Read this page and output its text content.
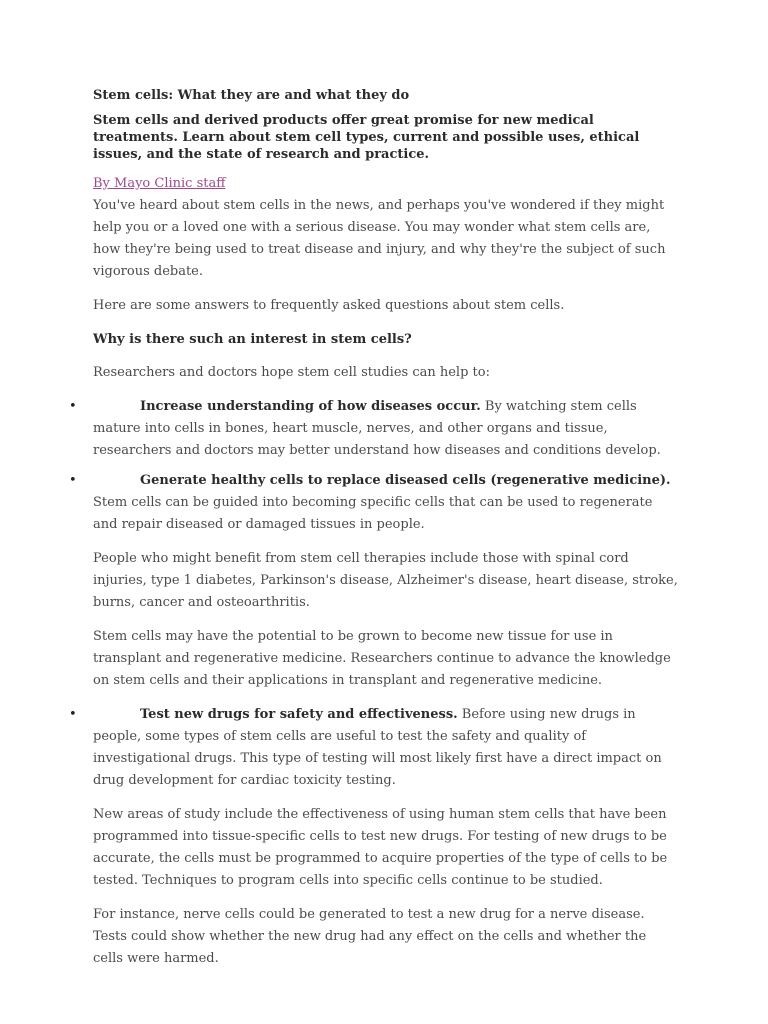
Stem cells: What they are and what they do
Stem cells and derived products offer great promise for new medical treatments. Learn about stem cell types, current and possible uses, ethical issues, and the state of research and practice.
By Mayo Clinic staff

You've heard about stem cells in the news, and perhaps you've wondered if they might help you or a loved one with a serious disease. You may wonder what stem cells are, how they're being used to treat disease and injury, and why they're the subject of such vigorous debate.

Here are some answers to frequently asked questions about stem cells.

Why is there such an interest in stem cells?

Researchers and doctors hope stem cell studies can help to:

•	Increase understanding of how diseases occur. By watching stem cells mature into cells in bones, heart muscle, nerves, and other organs and tissue, researchers and doctors may better understand how diseases and conditions develop.
•	Generate healthy cells to replace diseased cells (regenerative medicine). Stem cells can be guided into becoming specific cells that can be used to regenerate and repair diseased or damaged tissues in people.

People who might benefit from stem cell therapies include those with spinal cord injuries, type 1 diabetes, Parkinson's disease, Alzheimer's disease, heart disease, stroke, burns, cancer and osteoarthritis.

Stem cells may have the potential to be grown to become new tissue for use in transplant and regenerative medicine. Researchers continue to advance the knowledge on stem cells and their applications in transplant and regenerative medicine.

•	Test new drugs for safety and effectiveness. Before using new drugs in people, some types of stem cells are useful to test the safety and quality of investigational drugs. This type of testing will most likely first have a direct impact on drug development for cardiac toxicity testing.

New areas of study include the effectiveness of using human stem cells that have been programmed into tissue-specific cells to test new drugs. For testing of new drugs to be accurate, the cells must be programmed to acquire properties of the type of cells to be tested. Techniques to program cells into specific cells continue to be studied.

For instance, nerve cells could be generated to test a new drug for a nerve disease. Tests could show whether the new drug had any effect on the cells and whether the cells were harmed.
